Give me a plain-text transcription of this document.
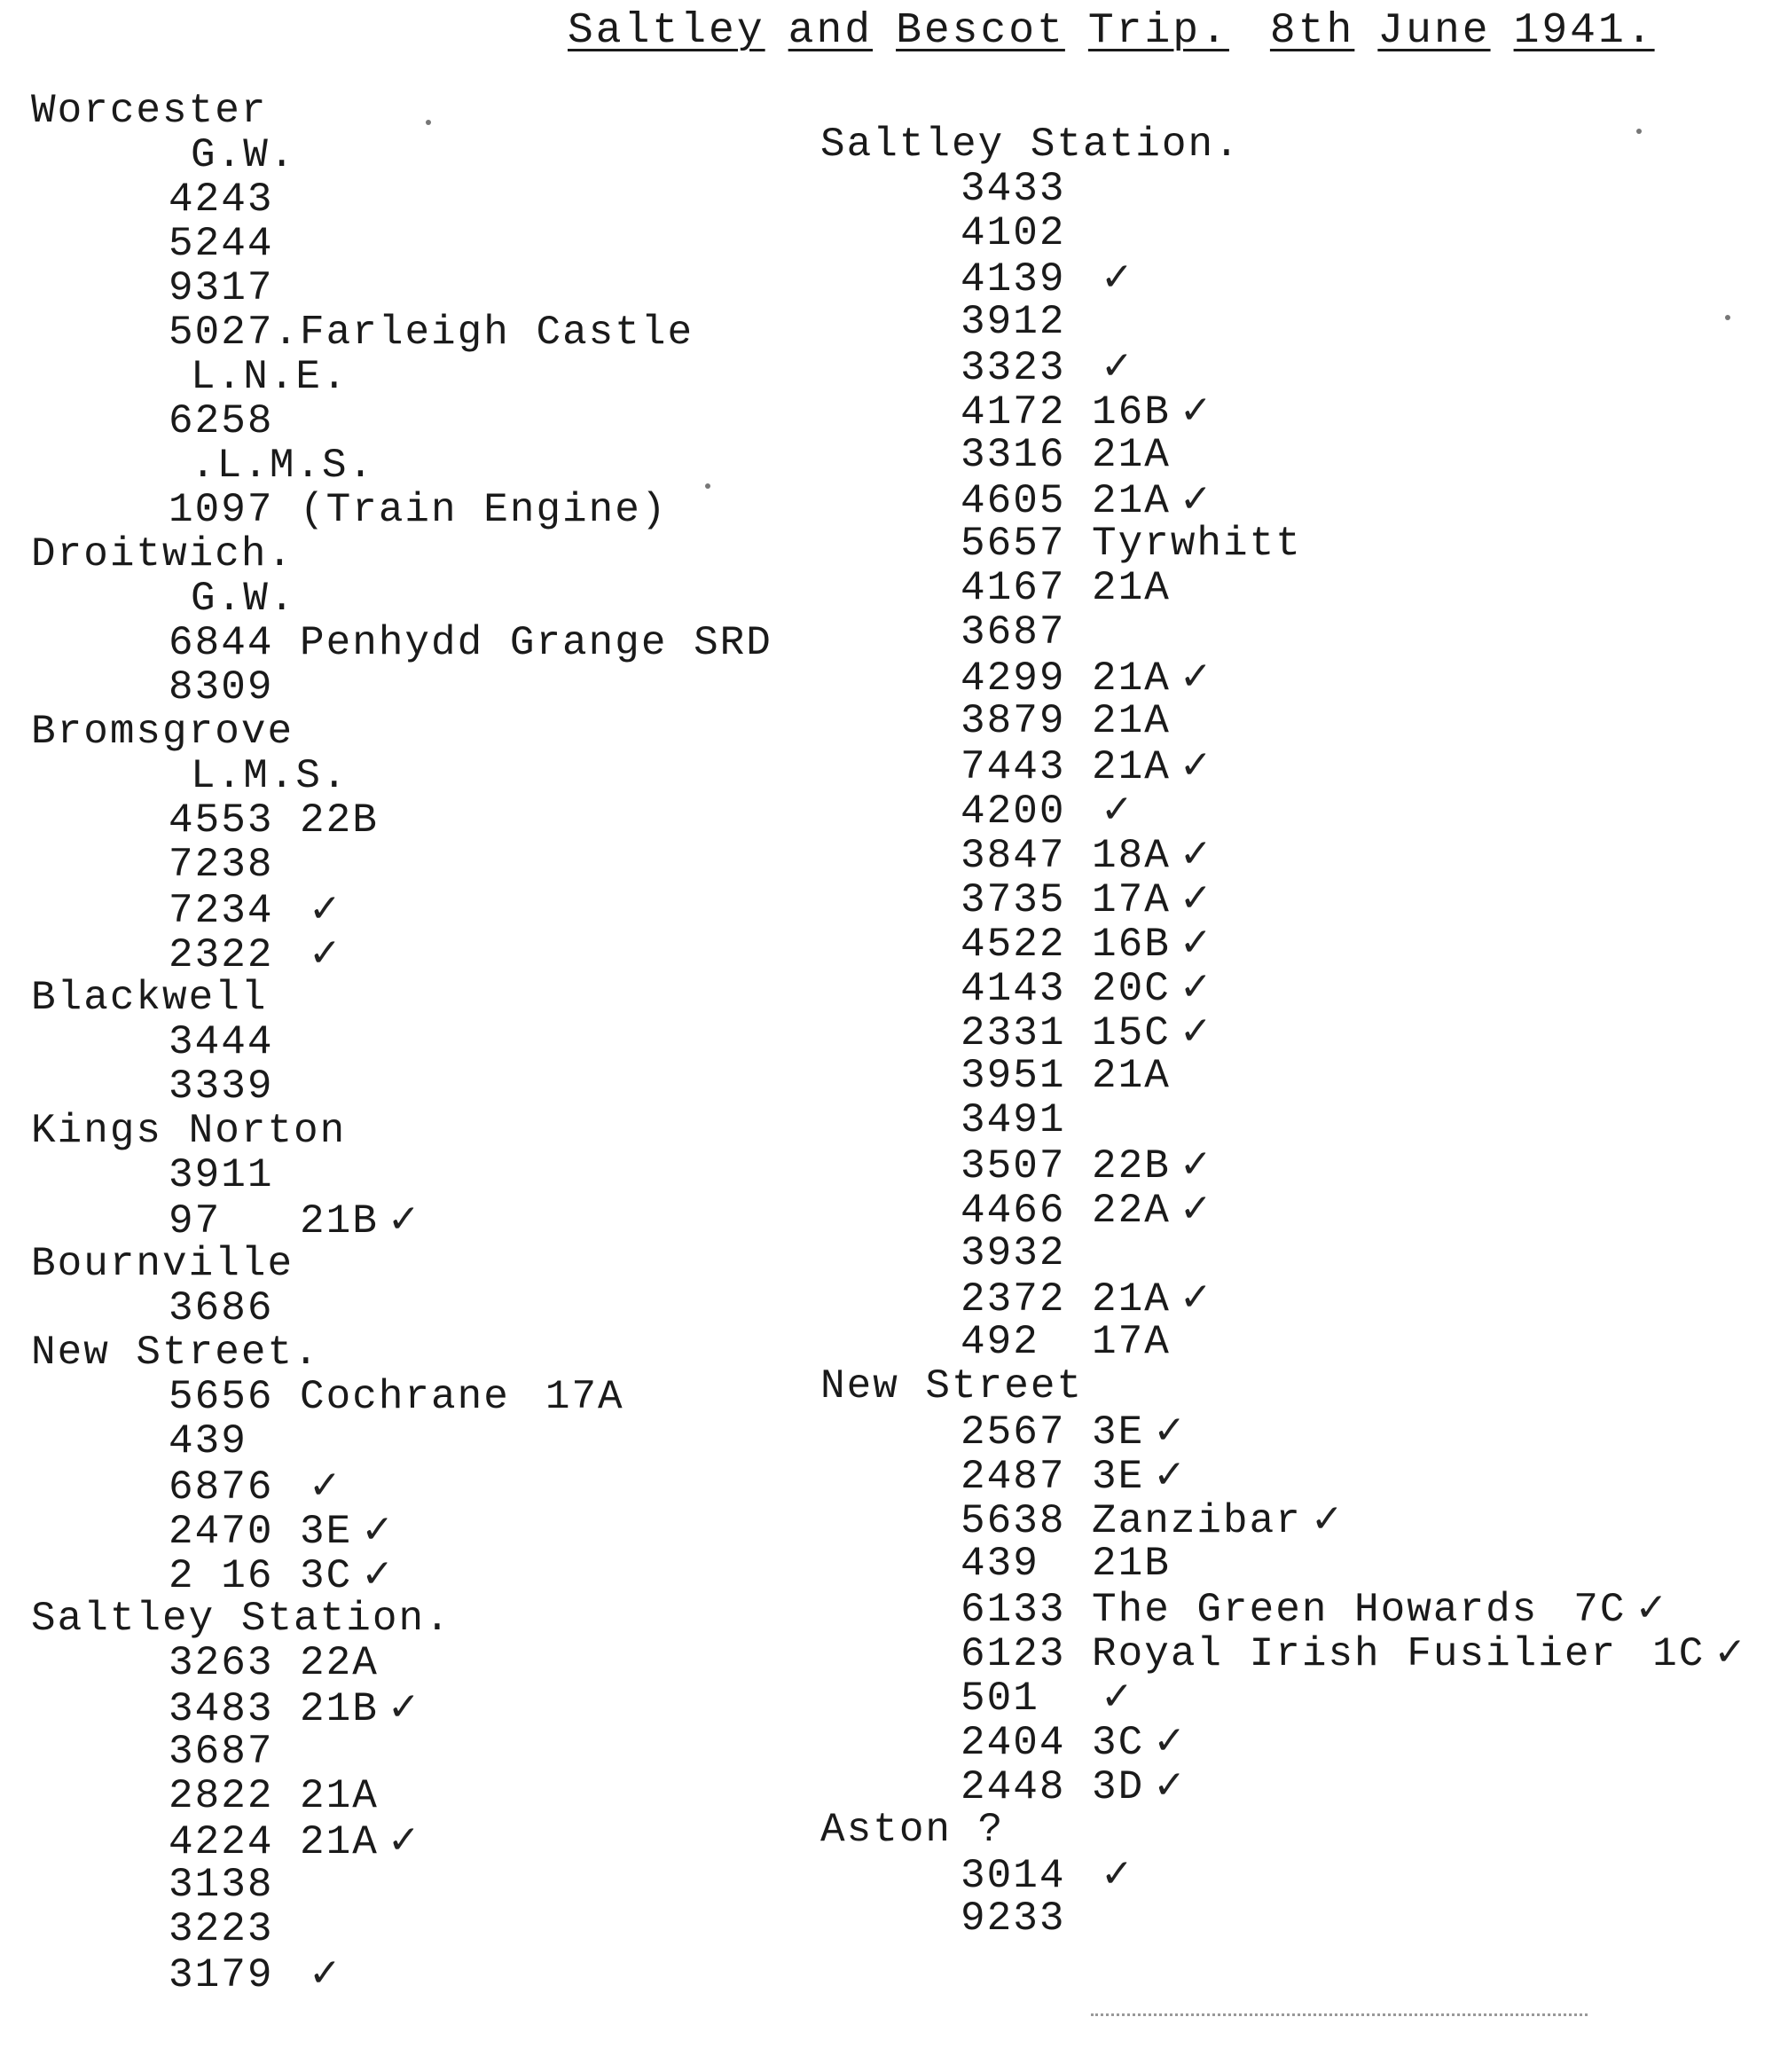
Saltley and Bescot Trip. 8th June 1941.
Worcester
G.W.
4243
5244
9317
5027.Farleigh Castle
L.N.E.
6258
.L.M.S.
1097 (Train Engine)
Droitwich.
G.W.
6844 Penhydd Grange SRD
8309
Bromsgrove
L.M.S.
4553 22B
7238
7234 ✓
2322 ✓
Blackwell
3444
3339
Kings Norton
3911
97 21B ✓
Bournville
3686
New Street.
5656 Cochrane 17A
439
6876 ✓
2470 3E ✓
2 16 3C ✓
Saltley Station.
3263 22A
3483 21B ✓
3687
2822 21A
4224 21A ✓
3138
3223
3179 ✓
Saltley Station.
3433
4102
4139 ✓
3912
3323 ✓
4172 16B ✓
3316 21A
4605 21A ✓
5657 Tyrwhitt
4167 21A
3687
4299 21A ✓
3879 21A
7443 21A ✓
4200 ✓
3847 18A ✓
3735 17A ✓
4522 16B ✓
4143 20C ✓
2331 15C ✓
3951 21A
3491
3507 22B ✓
4466 22A ✓
3932
2372 21A ✓
492 17A
New Street
2567 3E ✓
2487 3E ✓
5638 Zanzibar ✓
439 21B
6133 The Green Howards 7C ✓
6123 Royal Irish Fusilier 1C ✓
501 ✓
2404 3C ✓
2448 3D ✓
Aston ?
3014 ✓
9233
